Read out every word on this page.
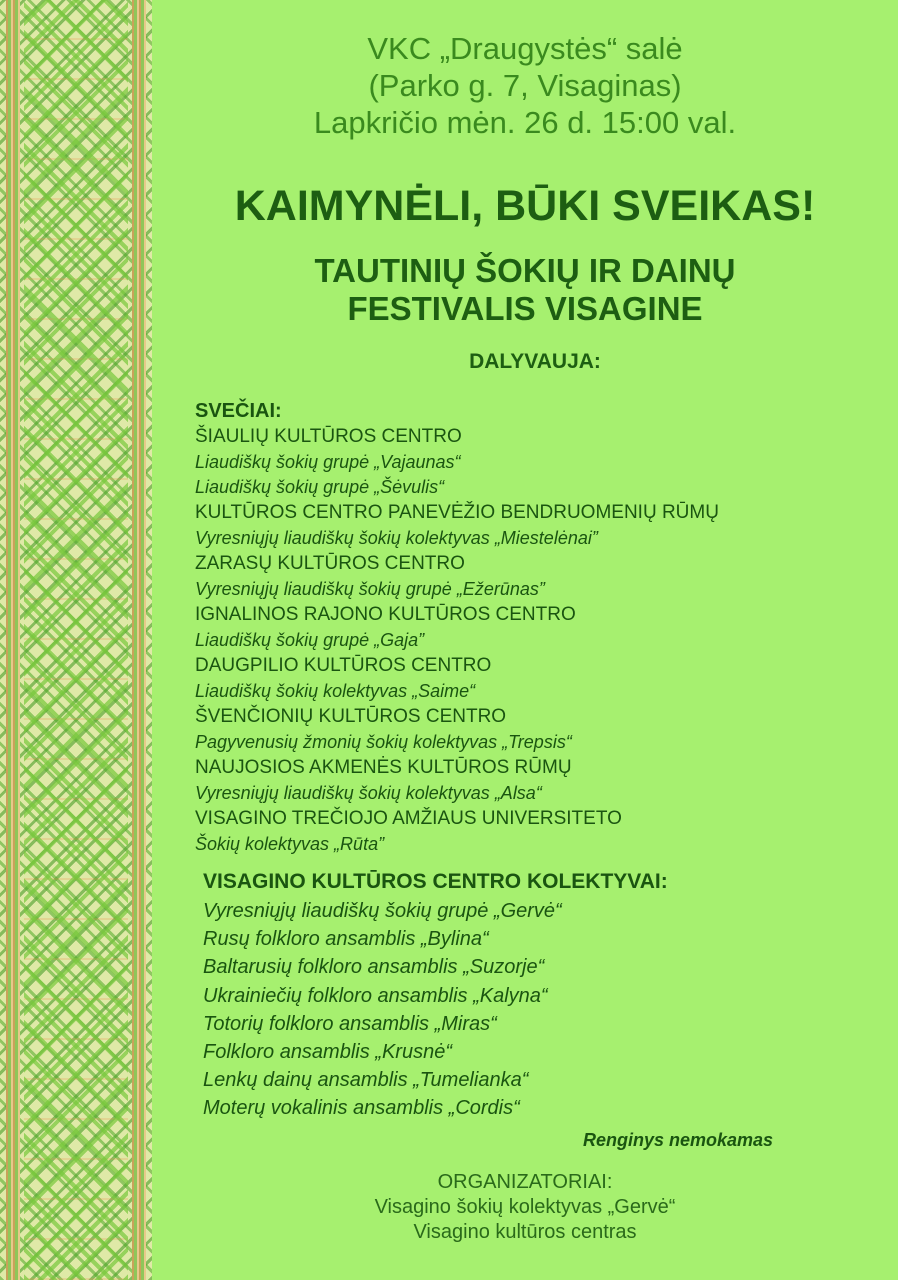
VKC „Draugystės“ salė
(Parko g. 7, Visaginas)
Lapkričio mėn. 26 d. 15:00 val.
KAIMYNĖLI, BŪKI SVEIKAS!
TAUTINIŲ ŠOKIŲ IR DAINŲ
FESTIVALIS VISAGINE
DALYVAUJA:
SVEČIAI:
ŠIAULIŲ KULTŪROS CENTRO
Liaudiškų šokių grupė „Vajaunas“
Liaudiškų šokių grupė „Šėvulis“
KULTŪROS CENTRO PANEVĖŽIO BENDRUOMENIŲ RŪMŲ
Vyresniųjų liaudiškų šokių kolektyvas „Miestelėnai”
ZARASŲ KULTŪROS CENTRO
Vyresniųjų liaudiškų šokių grupė „Ežerūnas”
IGNALINOS RAJONO KULTŪROS CENTRO
Liaudiškų šokių grupė „Gaja”
DAUGPILIO KULTŪROS CENTRO
Liaudiškų šokių kolektyvas „Saime“
ŠVENČIONIŲ KULTŪROS CENTRO
Pagyvenusių žmonių šokių kolektyvas „Trepsis“
NAUJOSIOS AKMENĖS KULTŪROS RŪMŲ
Vyresniųjų liaudiškų šokių kolektyvas „Alsa“
VISAGINO TREČIOJO AMŽIAUS UNIVERSITETO
Šokių kolektyvas „Rūta”
VISAGINO KULTŪROS CENTRO KOLEKTYVAI:
Vyresniųjų liaudiškų šokių grupė „Gervė“
Rusų folkloro ansamblis „Bylina“
Baltarusių folkloro ansamblis „Suzorje“
Ukrainiečių folkloro ansamblis „Kalyna“
Totorių folkloro ansamblis „Miras“
Folkloro ansamblis „Krusnė“
Lenkų dainų ansamblis „Tumelianka“
Moterų vokalinis ansamblis „Cordis“
Renginys nemokamas
ORGANIZATORIAI:
Visagino šokių kolektyvas „Gervė“
Visagino kultūros centras
